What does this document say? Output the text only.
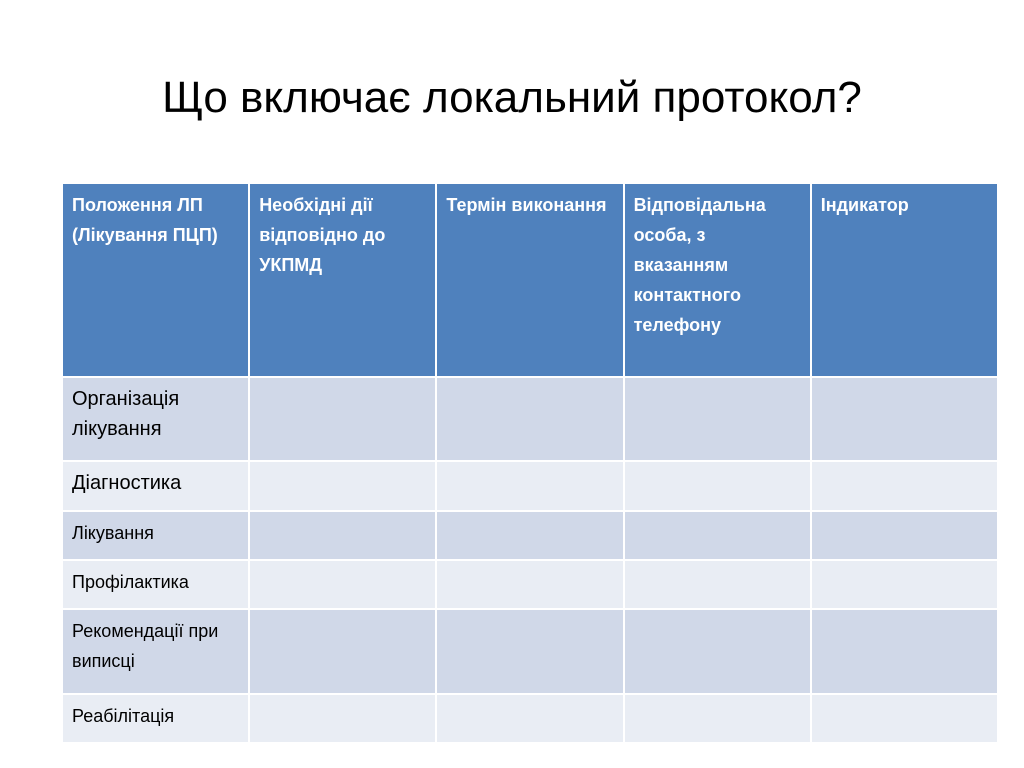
Що включає локальний протокол?
Положення ЛП (Лікування ПЦП)	Необхідні дії відповідно до УКПМД	Термін виконання	Відповідальна особа, з вказанням контактного телефону	Індикатор
Організація лікування				
Діагностика				
Лікування				
Профілактика				
Рекомендації при виписці				
Реабілітація				
